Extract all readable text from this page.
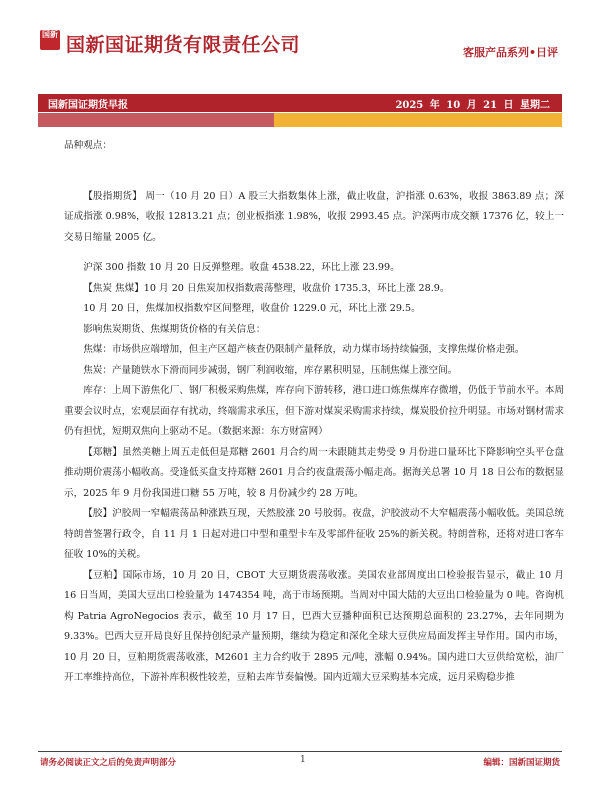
国新 国新国证期货有限责任公司	客服产品系列•日评
国新国证期货早报	2025 年 10 月 21 日 星期二

品种观点：

【股指期货】 周一（10 月 20 日）A 股三大指数集体上涨，截止收盘，沪指涨 0.63%，收报 3863.89 点；深证成指涨 0.98%，收报 12813.21 点；创业板指涨 1.98%，收报 2993.45 点。沪深两市成交额 17376 亿，较上一交易日缩量 2005 亿。

沪深 300 指数 10 月 20 日反弹整理。收盘 4538.22，环比上涨 23.99。

【焦炭 焦煤】10 月 20 日焦炭加权指数震荡整理，收盘价 1735.3，环比上涨 28.9。

10 月 20 日，焦煤加权指数窄区间整理，收盘价 1229.0 元，环比上涨 29.5。

影响焦炭期货、焦煤期货价格的有关信息：

焦煤：市场供应端增加，但主产区超产核查仍限制产量释放，动力煤市场持续偏强，支撑焦煤价格走强。

焦炭：产量随铁水下滑而同步减弱，钢厂利润收缩，库存累积明显，压制焦煤上涨空间。

库存：上周下游焦化厂、钢厂积极采购焦煤，库存向下游转移，港口进口炼焦煤库存微增，仍低于节前水平。本周重要会议时点，宏观层面存有扰动，终端需求承压，但下游对煤炭采购需求持续，煤炭股价拉升明显。市场对钢材需求仍有担忧，短期双焦向上驱动不足。（数据来源：东方财富网）

【郑糖】虽然美糖上周五走低但是郑糖 2601 月合约周一未跟随其走势受 9 月份进口量环比下降影响空头平仓盘推动期价震荡小幅收高。受逢低买盘支持郑糖 2601 月合约夜盘震荡小幅走高。据海关总署 10 月 18 日公布的数据显示，2025 年 9 月份我国进口糖 55 万吨，较 8 月份减少约 28 万吨。

【胶】沪胶周一窄幅震荡品种涨跌互现，天然胶涨 20 号胶弱。夜盘，沪胶波动不大窄幅震荡小幅收低。美国总统特朗普签署行政令，自 11 月 1 日起对进口中型和重型卡车及零部件征收 25%的新关税。特朗普称，还将对进口客车征收 10%的关税。

【豆粕】国际市场，10 月 20 日，CBOT 大豆期货震荡收涨。美国农业部周度出口检验报告显示，截止 10 月 16 日当周，美国大豆出口检验量为 1474354 吨，高于市场预期。当周对中国大陆的大豆出口检验量为 0 吨。咨询机构 Patria AgroNegocios 表示，截至 10 月 17 日，巴西大豆播种面积已达预期总面积的 23.27%，去年同期为 9.33%。巴西大豆开局良好且保持创纪录产量预期，继续为稳定和深化全球大豆供应局面发挥主导作用。国内市场，10 月 20 日，豆粕期货震荡收涨，M2601 主力合约收于 2895 元/吨，涨幅 0.94%。国内进口大豆供给宽松，油厂开工率维持高位，下游补库积极性较差，豆粕去库节奏偏慢。国内近端大豆采购基本完成，远月采购稳步推

请务必阅读正文之后的免责声明部分	1	编辑：国新国证期货
